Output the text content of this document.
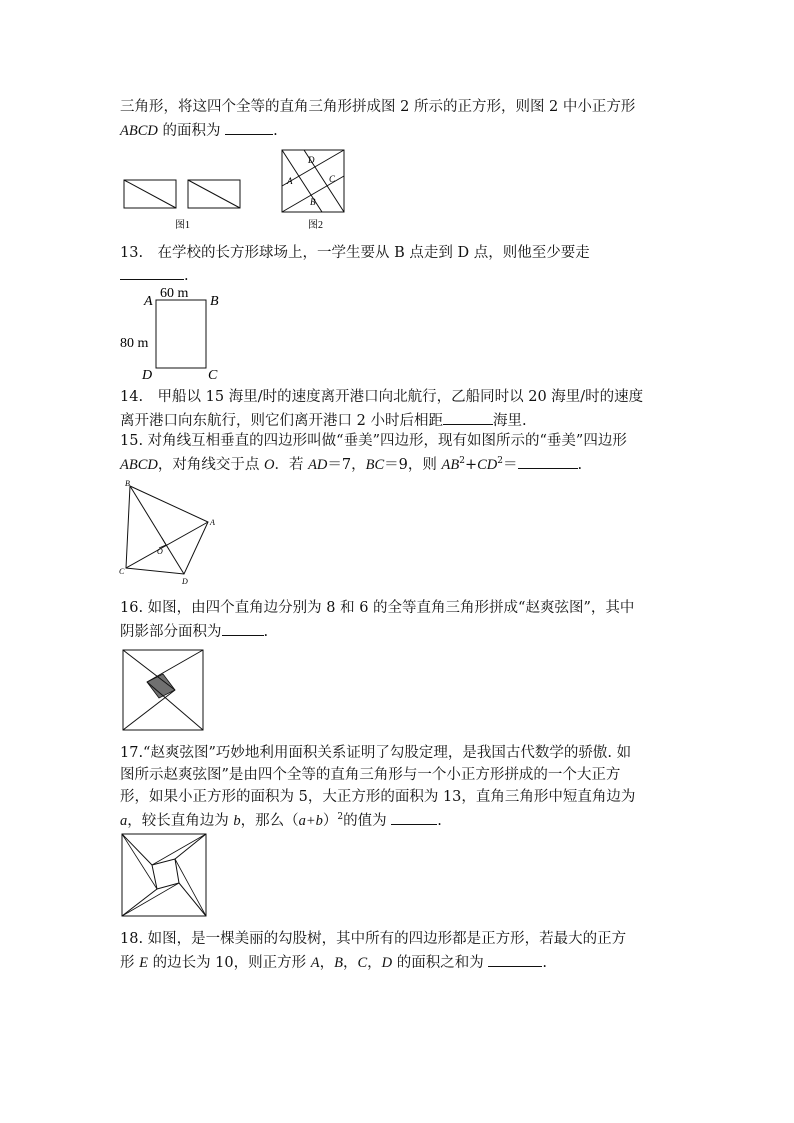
三角形，将这四个全等的直角三角形拼成图 2 所示的正方形，则图 2 中小正方形
ABCD 的面积为	.
图1
A
B
C
D
图2
13.　在学校的长方形球场上，一学生要从 B 点走到 D 点，则他至少要走
.
A	B
C
D
60 m
80 m
14.　甲船以 15 海里/时的速度离开港口向北航行，乙船同时以 20 海里/时的速度
离开港口向东航行，则它们离开港口 2 小时后相距	海里.
15. 对角线互相垂直的四边形叫做“垂美”四边形，现有如图所示的“垂美”四边形
ABCD，对角线交于点 O．若 AD＝7，BC＝9，则 $AB^2+CD^2=$	.
B
A
D
C
O
16. 如图，由四个直角边分别为 8 和 6 的全等直角三角形拼成“赵爽弦图”，其中
阴影部分面积为	.
17.“赵爽弦图”巧妙地利用面积关系证明了勾股定理，是我国古代数学的骄傲. 如
图所示赵爽弦图”是由四个全等的直角三角形与一个小正方形拼成的一个大正方
形，如果小正方形的面积为 5，大正方形的面积为 13，直角三角形中短直角边为
a，较长直角边为 b，那么$(a+b)^2$的值为	.
18. 如图，是一棵美丽的勾股树，其中所有的四边形都是正方形，若最大的正方
形 E 的边长为 10，则正方形 A，B，C，D 的面积之和为	.
